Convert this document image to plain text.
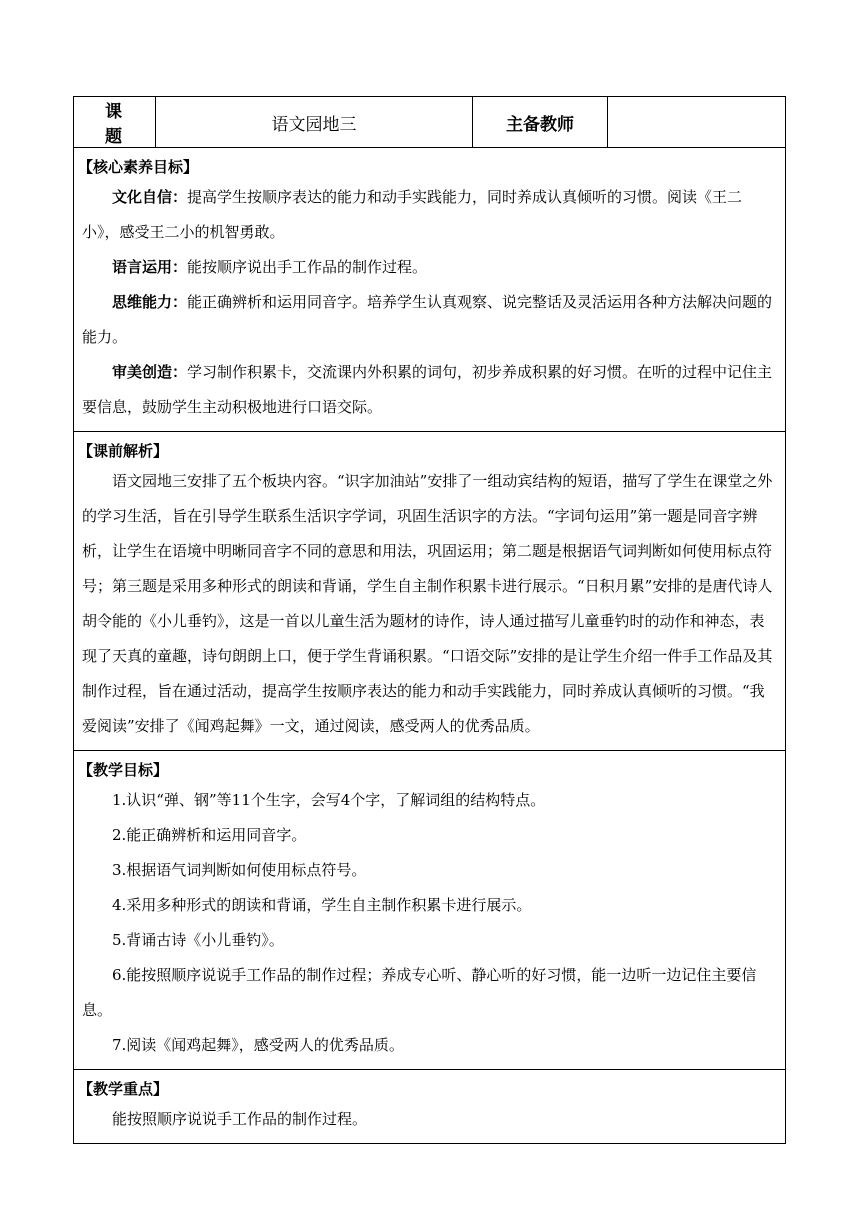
课题	语文园地三	主备教师	

【核心素养目标】

文化自信：提高学生按顺序表达的能力和动手实践能力，同时养成认真倾听的习惯。阅读《王二小》，感受王二小的机智勇敢。

语言运用：能按顺序说出手工作品的制作过程。

思维能力：能正确辨析和运用同音字。培养学生认真观察、说完整话及灵活运用各种方法解决问题的能力。

审美创造：学习制作积累卡，交流课内外积累的词句，初步养成积累的好习惯。在听的过程中记住主要信息，鼓励学生主动积极地进行口语交际。

【课前解析】

语文园地三安排了五个板块内容。“识字加油站”安排了一组动宾结构的短语，描写了学生在课堂之外的学习生活，旨在引导学生联系生活识字学词，巩固生活识字的方法。“字词句运用”第一题是同音字辨析，让学生在语境中明晰同音字不同的意思和用法，巩固运用；第二题是根据语气词判断如何使用标点符号；第三题是采用多种形式的朗读和背诵，学生自主制作积累卡进行展示。“日积月累”安排的是唐代诗人胡令能的《小儿垂钓》，这是一首以儿童生活为题材的诗作，诗人通过描写儿童垂钓时的动作和神态，表现了天真的童趣，诗句朗朗上口，便于学生背诵积累。“口语交际”安排的是让学生介绍一件手工作品及其制作过程，旨在通过活动，提高学生按顺序表达的能力和动手实践能力，同时养成认真倾听的习惯。“我爱阅读”安排了《闻鸡起舞》一文，通过阅读，感受两人的优秀品质。

【教学目标】

1.认识“弹、钢”等11个生字，会写4个字，了解词组的结构特点。

2.能正确辨析和运用同音字。

3.根据语气词判断如何使用标点符号。

4.采用多种形式的朗读和背诵，学生自主制作积累卡进行展示。

5.背诵古诗《小儿垂钓》。

6.能按照顺序说说手工作品的制作过程；养成专心听、静心听的好习惯，能一边听一边记住主要信息。

7.阅读《闻鸡起舞》，感受两人的优秀品质。

【教学重点】

能按照顺序说说手工作品的制作过程。
